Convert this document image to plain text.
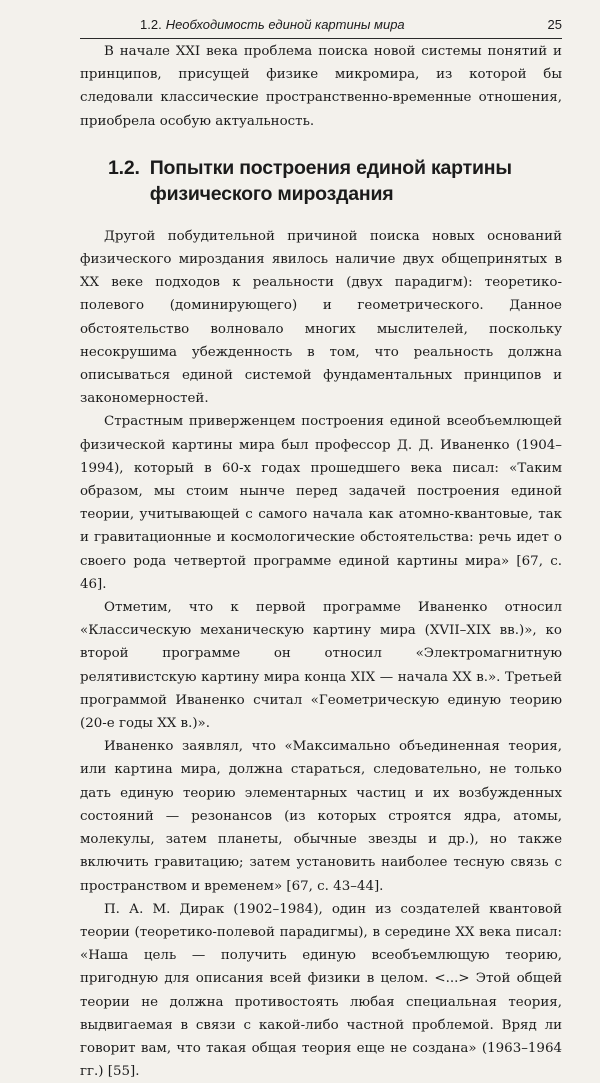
1.2. Необходимость единой картины мира	25

В начале XXI века проблема поиска новой системы понятий и принципов, присущей физике микромира, из которой бы следовали классические пространственно-временные отношения, приобрела особую актуальность.

1.2. Попытки построения единой картины физического мироздания

Другой побудительной причиной поиска новых оснований физического мироздания явилось наличие двух общепринятых в XX веке подходов к реальности (двух парадигм): теоретико-полевого (доминирующего) и геометрического. Данное обстоятельство волновало многих мыслителей, поскольку несокрушима убежденность в том, что реальность должна описываться единой системой фундаментальных принципов и закономерностей.

Страстным приверженцем построения единой всеобъемлющей физической картины мира был профессор Д. Д. Иваненко (1904–1994), который в 60-х годах прошедшего века писал: «Таким образом, мы стоим нынче перед задачей построения единой теории, учитывающей с самого начала как атомно-квантовые, так и гравитационные и космологические обстоятельства: речь идет о своего рода четвертой программе единой картины мира» [67, с. 46].

Отметим, что к первой программе Иваненко относил «Классическую механическую картину мира (XVII–XIX вв.)», ко второй программе он относил «Электромагнитную релятивистскую картину мира конца XIX — начала XX в.». Третьей программой Иваненко считал «Геометрическую единую теорию (20-е годы XX в.)».

Иваненко заявлял, что «Максимально объединенная теория, или картина мира, должна стараться, следовательно, не только дать единую теорию элементарных частиц и их возбужденных состояний — резонансов (из которых строятся ядра, атомы, молекулы, затем планеты, обычные звезды и др.), но также включить гравитацию; затем установить наиболее тесную связь с пространством и временем» [67, с. 43–44].

П. А. М. Дирак (1902–1984), один из создателей квантовой теории (теоретико-полевой парадигмы), в середине XX века писал: «Наша цель — получить единую всеобъемлющую теорию, пригодную для описания всей физики в целом. <...> Этой общей теории не должна противостоять любая специальная теория, выдвигаемая в связи с какой-либо частной проблемой. Вряд ли говорит вам, что такая общая теория еще не создана» (1963–1964 гг.) [55].
